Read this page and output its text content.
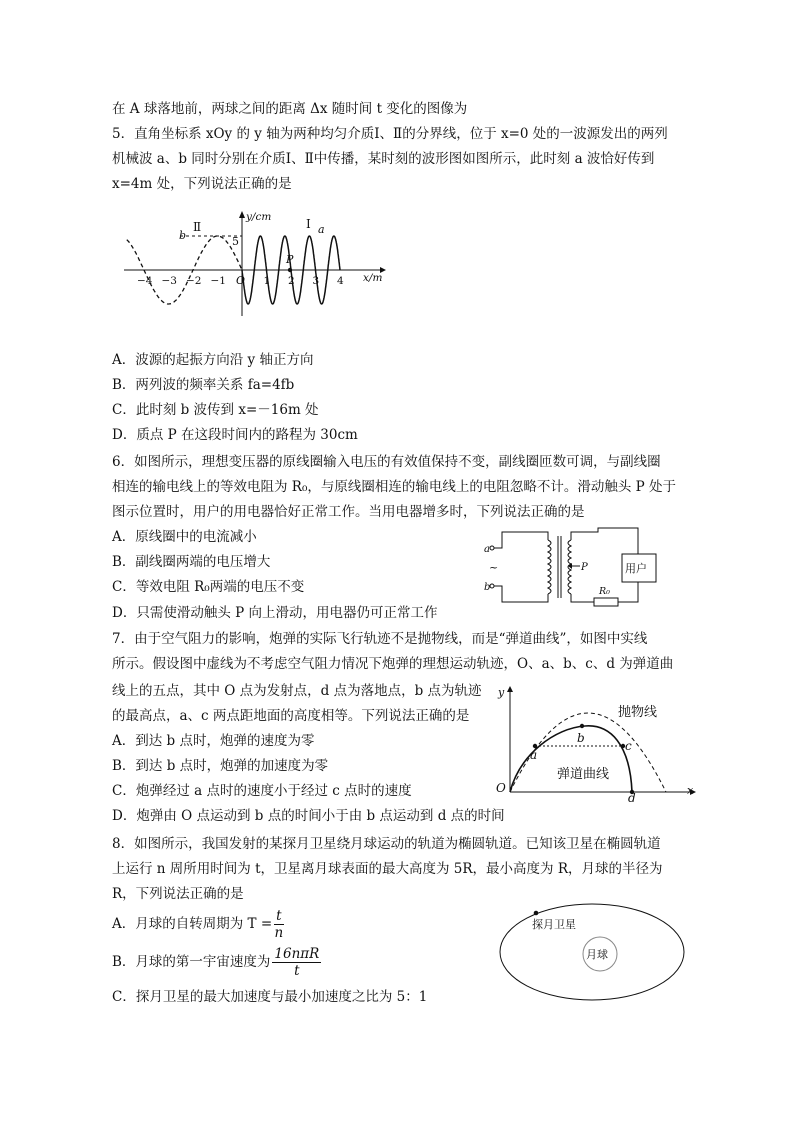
在 A 球落地前，两球之间的距离 Δx 随时间 t 变化的图像为
5．直角坐标系 xOy 的 y 轴为两种均匀介质Ⅰ、Ⅱ的分界线，位于 x=0 处的一波源发出的两列
机械波 a、b 同时分别在介质Ⅰ、Ⅱ中传播，某时刻的波形图如图所示，此时刻 a 波恰好传到
x=4m 处，下列说法正确的是
P
y/cm
5
x/m
O
Ⅱ	Ⅰ
b	a
−4 −3 −2 −1	1 2 3 4
A．波源的起振方向沿 y 轴正方向
B．两列波的频率关系 fa=4fb
C．此时刻 b 波传到 x=－16m 处
D．质点 P 在这段时间内的路程为 30cm
6．如图所示，理想变压器的原线圈输入电压的有效值保持不变，副线圈匝数可调，与副线圈
相连的输电线上的等效电阻为 R₀，与原线圈相连的输电线上的电阻忽略不计。滑动触头 P 处于
图示位置时，用户的用电器恰好正常工作。当用电器增多时，下列说法正确的是
A．原线圈中的电流减小
B．副线圈两端的电压增大
C．等效电阻 R₀两端的电压不变
D．只需使滑动触头 P 向上滑动，用电器仍可正常工作
a
b
~	P
R₀
用户
7．由于空气阻力的影响，炮弹的实际飞行轨迹不是抛物线，而是“弹道曲线”，如图中实线
所示。假设图中虚线为不考虑空气阻力情况下炮弹的理想运动轨迹，O、a、b、c、d 为弹道曲
线上的五点，其中 O 点为发射点，d 点为落地点，b 点为轨迹
的最高点，a、c 两点距地面的高度相等。下列说法正确的是
A．到达 b 点时，炮弹的速度为零
B．到达 b 点时，炮弹的加速度为零
C．炮弹经过 a 点时的速度小于经过 c 点时的速度
D．炮弹由 O 点运动到 b 点的时间小于由 b 点运动到 d 点的时间
y
x
O
a
b
c
d
抛物线
弹道曲线
8．如图所示，我国发射的某探月卫星绕月球运动的轨道为椭圆轨道。已知该卫星在椭圆轨道
上运行 n 周所用时间为 t，卫星离月球表面的最大高度为 5R，最小高度为 R，月球的半径为
R，下列说法正确的是
A．月球的自转周期为 $T = \frac{t}{n}$
B．月球的第一宇宙速度为 $\frac{\text{16nπR}}{t}$
C．探月卫星的最大加速度与最小加速度之比为 5：1
月球
探月卫星
